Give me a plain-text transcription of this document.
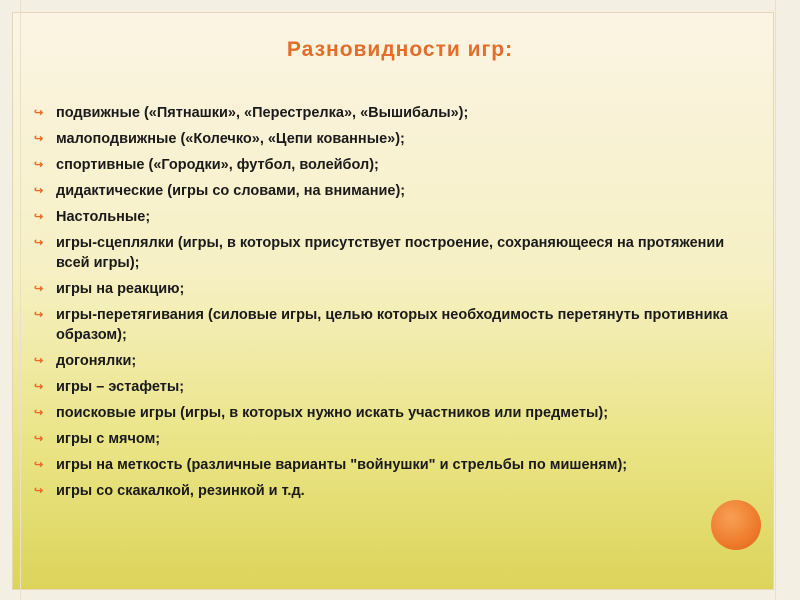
Разновидности игр:
↪ подвижные («Пятнашки», «Перестрелка», «Вышибалы»);
↪ малоподвижные («Колечко», «Цепи кованные»);
↪ спортивные («Городки», футбол, волейбол);
↪ дидактические (игры со словами, на внимание);
↪ Настольные;
↪ игры-сцеплялки (игры, в которых присутствует построение, сохраняющееся на протяжении всей игры);
↪ игры на реакцию;
↪ игры-перетягивания (силовые игры, целью которых необходимость перетянуть противника образом);
↪ догонялки;
↪ игры – эстафеты;
↪ поисковые игры (игры, в которых нужно искать участников или предметы);
↪ игры с мячом;
↪ игры на меткость (различные варианты "войнушки" и стрельбы по мишеням);
↪ игры со скакалкой, резинкой и т.д.
